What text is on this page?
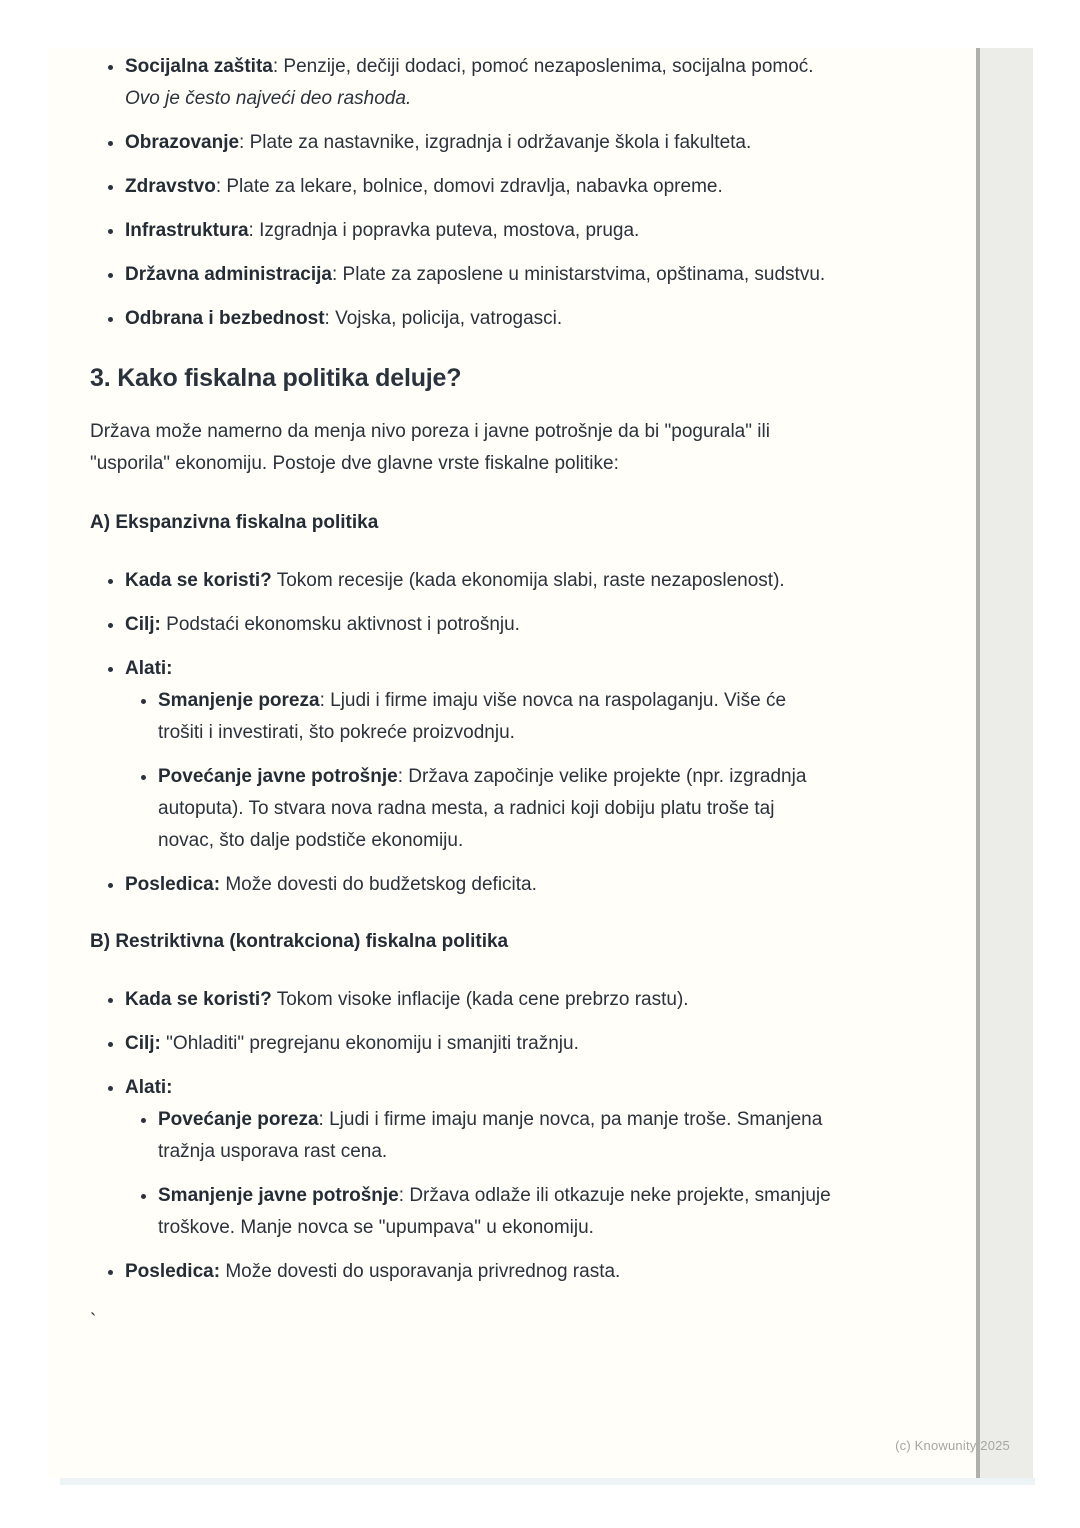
• Socijalna zaštita: Penzije, dečiji dodaci, pomoć nezaposlenima, socijalna pomoć. Ovo je često najveći deo rashoda.
• Obrazovanje: Plate za nastavnike, izgradnja i održavanje škola i fakulteta.
• Zdravstvo: Plate za lekare, bolnice, domovi zdravlja, nabavka opreme.
• Infrastruktura: Izgradnja i popravka puteva, mostova, pruga.
• Državna administracija: Plate za zaposlene u ministarstvima, opštinama, sudstvu.
• Odbrana i bezbednost: Vojska, policija, vatrogasci.
3. Kako fiskalna politika deluje?

Država može namerno da menja nivo poreza i javne potrošnje da bi "pogurala" ili "usporila" ekonomiju. Postoje dve glavne vrste fiskalne politike:

A) Ekspanzivna fiskalna politika

• Kada se koristi? Tokom recesije (kada ekonomija slabi, raste nezaposlenost).
• Cilj: Podstaći ekonomsku aktivnost i potrošnju.
• Alati:
• Smanjenje poreza: Ljudi i firme imaju više novca na raspolaganju. Više će trošiti i investirati, što pokreće proizvodnju.
• Povećanje javne potrošnje: Država započinje velike projekte (npr. izgradnja autoputa). To stvara nova radna mesta, a radnici koji dobiju platu troše taj novac, što dalje podstiče ekonomiju.
• Posledica: Može dovesti do budžetskog deficita.

B) Restriktivna (kontrakciona) fiskalna politika

• Kada se koristi? Tokom visoke inflacije (kada cene prebrzo rastu).
• Cilj: "Ohladiti" pregrejanu ekonomiju i smanjiti tražnju.
• Alati:
• Povećanje poreza: Ljudi i firme imaju manje novca, pa manje troše. Smanjena tražnja usporava rast cena.
• Smanjenje javne potrošnje: Država odlaže ili otkazuje neke projekte, smanjuje troškove. Manje novca se "upumpava" u ekonomiju.
• Posledica: Može dovesti do usporavanja privrednog rasta.

`

(c) Knowunity 2025
